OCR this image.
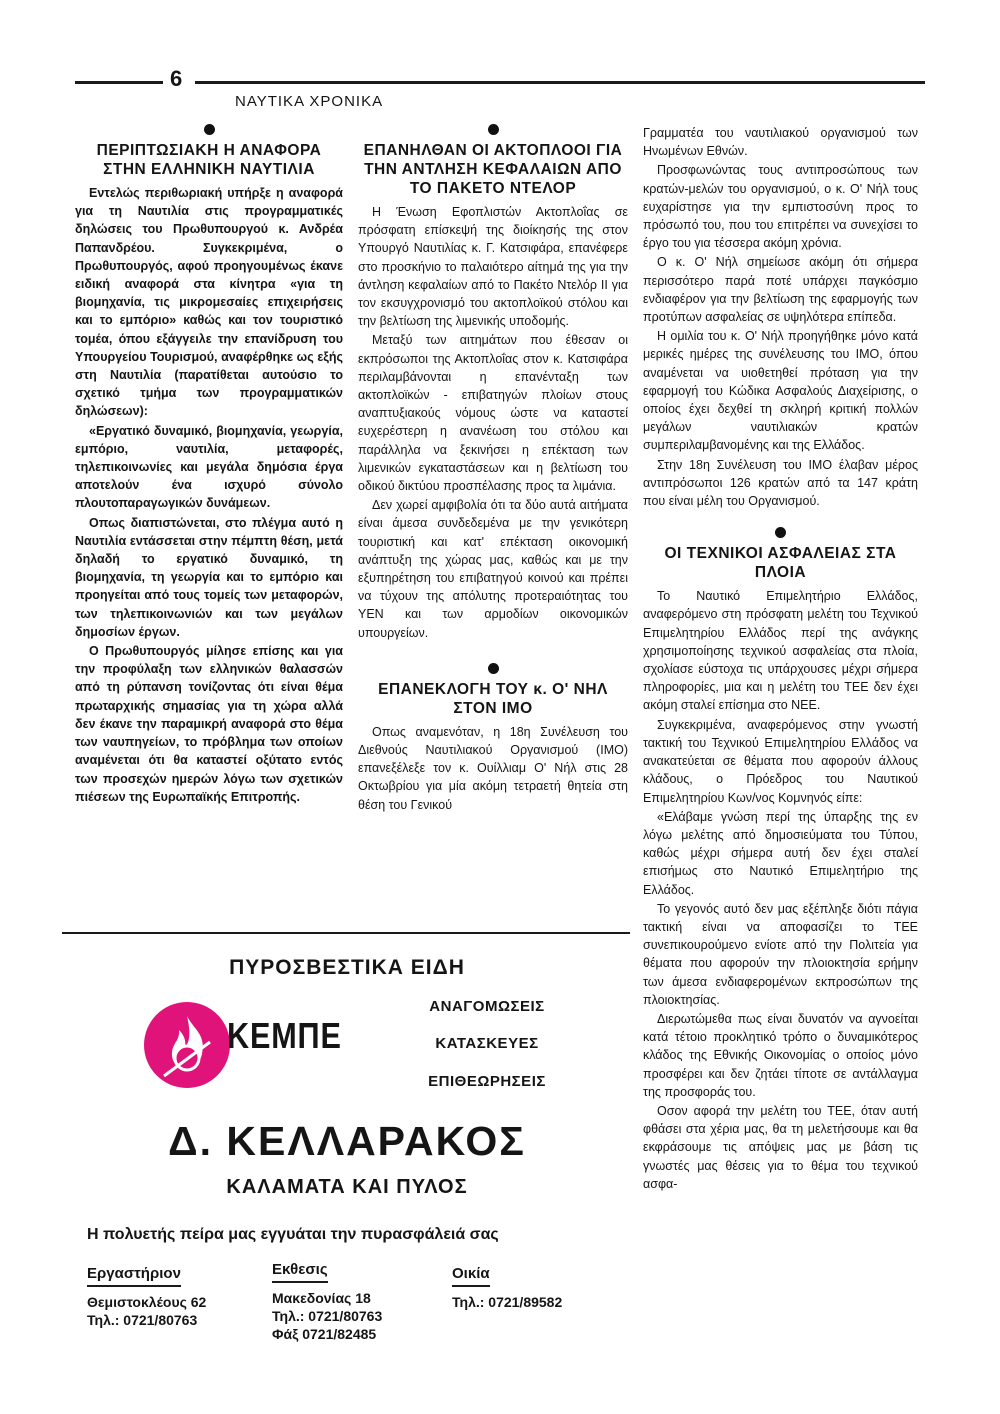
6
ΝΑΥΤΙΚΑ ΧΡΟΝΙΚΑ
ΠΕΡΙΠΤΩΣΙΑΚΗ Η ΑΝΑΦΟΡΑ ΣΤΗΝ ΕΛΛΗΝΙΚΗ ΝΑΥΤΙΛΙΑ

Εντελώς περιθωριακή υπήρξε η αναφορά για τη Ναυτιλία στις προγραμματικές δηλώσεις του Πρωθυπουργού κ. Ανδρέα Παπανδρέου. Συγκεκριμένα, ο Πρωθυπουργός, αφού προηγουμένως έκανε ειδική αναφορά στα κίνητρα «για τη βιομηχανία, τις μικρομεσαίες επιχειρήσεις και το εμπόριο» καθώς και τον τουριστικό τομέα, όπου εξάγγειλε την επανίδρυση του Υπουργείου Τουρισμού, αναφέρθηκε ως εξής στη Ναυτιλία (παρατίθεται αυτούσιο το σχετικό τμήμα των προγραμματικών δηλώσεων):

«Εργατικό δυναμικό, βιομηχανία, γεωργία, εμπόριο, ναυτιλία, μεταφορές, τηλεπικοινωνίες και μεγάλα δημόσια έργα αποτελούν ένα ισχυρό σύνολο πλουτοπαραγωγικών δυνάμεων.

Οπως διαπιστώνεται, στο πλέγμα αυτό η Ναυτιλία εντάσσεται στην πέμπτη θέση, μετά δηλαδή το εργατικό δυναμικό, τη βιομηχανία, τη γεωργία και το εμπόριο και προηγείται από τους τομείς των μεταφορών, των τηλεπικοινωνιών και των μεγάλων δημοσίων έργων.

Ο Πρωθυπουργός μίλησε επίσης και για την προφύλαξη των ελληνικών θαλασσών από τη ρύπανση τονίζοντας ότι είναι θέμα πρωταρχικής σημασίας για τη χώρα αλλά δεν έκανε την παραμικρή αναφορά στο θέμα των ναυπηγείων, το πρόβλημα των οποίων αναμένεται ότι θα καταστεί οξύτατο εντός των προσεχών ημερών λόγω των σχετικών πιέσεων της Ευρωπαϊκής Επιτροπής.

ΕΠΑΝΗΛΘΑΝ ΟΙ ΑΚΤΟΠΛΟΟΙ ΓΙΑ ΤΗΝ ΑΝΤΛΗΣΗ ΚΕΦΑΛΑΙΩΝ ΑΠΟ ΤΟ ΠΑΚΕΤΟ ΝΤΕΛΟΡ

Η Ένωση Εφοπλιστών Ακτοπλοΐας σε πρόσφατη επίσκεψή της διοίκησής της στον Υπουργό Ναυτιλίας κ. Γ. Κατσιφάρα, επανέφερε στο προσκήνιο το παλαιότερο αίτημά της για την άντληση κεφαλαίων από το Πακέτο Ντελόρ ΙΙ για τον εκσυγχρονισμό του ακτοπλοϊκού στόλου και την βελτίωση της λιμενικής υποδομής.

Μεταξύ των αιτημάτων που έθεσαν οι εκπρόσωποι της Ακτοπλοΐας στον κ. Κατσιφάρα περιλαμβάνονται η επανένταξη των ακτοπλοϊκών - επιβατηγών πλοίων στους αναπτυξιακούς νόμους ώστε να καταστεί ευχερέστερη η ανανέωση του στόλου και παράλληλα να ξεκινήσει η επέκταση των λιμενικών εγκαταστάσεων και η βελτίωση του οδικού δικτύου προσπέλασης προς τα λιμάνια.

Δεν χωρεί αμφιβολία ότι τα δύο αυτά αιτήματα είναι άμεσα συνδεδεμένα με την γενικότερη τουριστική και κατ' επέκταση οικονομική ανάπτυξη της χώρας μας, καθώς και με την εξυπηρέτηση του επιβατηγού κοινού και πρέπει να τύχουν της απόλυτης προτεραιότητας του ΥΕΝ και των αρμοδίων οικονομικών υπουργείων.

ΕΠΑΝΕΚΛΟΓΗ ΤΟΥ κ. Ο' ΝΗΛ ΣΤΟΝ ΙΜΟ

Οπως αναμενόταν, η 18η Συνέλευση του Διεθνούς Ναυτιλιακού Οργανισμού (ΙΜΟ) επανεξέλεξε τον κ. Ουίλλιαμ Ο' Νήλ στις 28 Οκτωβρίου για μία ακόμη τετραετή θητεία στη θέση του Γενικού

Γραμματέα του ναυτιλιακού οργανισμού των Ηνωμένων Εθνών.

Προσφωνώντας τους αντιπροσώπους των κρατών-μελών του οργανισμού, ο κ. Ο' Νήλ τους ευχαρίστησε για την εμπιστοσύνη προς το πρόσωπό του, που του επιτρέπει να συνεχίσει το έργο του για τέσσερα ακόμη χρόνια.

Ο κ. Ο' Νήλ σημείωσε ακόμη ότι σήμερα περισσότερο παρά ποτέ υπάρχει παγκόσμιο ενδιαφέρον για την βελτίωση της εφαρμογής των προτύπων ασφαλείας σε υψηλότερα επίπεδα.

Η ομιλία του κ. Ο' Νήλ προηγήθηκε μόνο κατά μερικές ημέρες της συνέλευσης του ΙΜΟ, όπου αναμένεται να υιοθετηθεί πρόταση για την εφαρμογή του Κώδικα Ασφαλούς Διαχείρισης, ο οποίος έχει δεχθεί τη σκληρή κριτική πολλών μεγάλων ναυτιλιακών κρατών συμπεριλαμβανομένης και της Ελλάδος.

Στην 18η Συνέλευση του ΙΜΟ έλαβαν μέρος αντιπρόσωποι 126 κρατών από τα 147 κράτη που είναι μέλη του Οργανισμού.

ΟΙ ΤΕΧΝΙΚΟΙ ΑΣΦΑΛΕΙΑΣ ΣΤΑ ΠΛΟΙΑ

Το Ναυτικό Επιμελητήριο Ελλάδος, αναφερόμενο στη πρόσφατη μελέτη του Τεχνικού Επιμελητηρίου Ελλάδος περί της ανάγκης χρησιμοποίησης τεχνικού ασφαλείας στα πλοία, σχολίασε εύστοχα τις υπάρχουσες μέχρι σήμερα πληροφορίες, μια και η μελέτη του ΤΕΕ δεν έχει ακόμη σταλεί επίσημα στο ΝΕΕ.

Συγκεκριμένα, αναφερόμενος στην γνωστή τακτική του Τεχνικού Επιμελητηρίου Ελλάδος να ανακατεύεται σε θέματα που αφορούν άλλους κλάδους, ο Πρόεδρος του Ναυτικού Επιμελητηρίου Κων/νος Κομνηνός είπε:

«Ελάβαμε γνώση περί της ύπαρξης της εν λόγω μελέτης από δημοσιεύματα του Τύπου, καθώς μέχρι σήμερα αυτή δεν έχει σταλεί επισήμως στο Ναυτικό Επιμελητήριο της Ελλάδος.

Το γεγονός αυτό δεν μας εξέπληξε διότι πάγια τακτική είναι να αποφασίζει το ΤΕΕ συνεπικουρούμενο ενίοτε από την Πολιτεία για θέματα που αφορούν την πλοιοκτησία ερήμην των άμεσα ενδιαφερομένων εκπροσώπων της πλοιοκτησίας.

Διερωτώμεθα πως είναι δυνατόν να αγνοείται κατά τέτοιο προκλητικό τρόπο ο δυναμικότερος κλάδος της Εθνικής Οικονομίας ο οποίος μόνο προσφέρει και δεν ζητάει τίποτε σε αντάλλαγμα της προσφοράς του.

Οσον αφορά την μελέτη του ΤΕΕ, όταν αυτή φθάσει στα χέρια μας, θα τη μελετήσουμε και θα εκφράσουμε τις απόψεις μας με βάση τις γνωστές μας θέσεις για το θέμα του τεχνικού ασφα-

ΠΥΡΟΣΒΕΣΤΙΚΑ ΕΙΔΗ
ΚΕΜΠΕ
ΑΝΑΓΟΜΩΣΕΙΣ
ΚΑΤΑΣΚΕΥΕΣ
ΕΠΙΘΕΩΡΗΣΕΙΣ
Δ. ΚΕΛΛΑΡΑΚΟΣ
ΚΑΛΑΜΑΤΑ ΚΑΙ ΠΥΛΟΣ
Η πολυετής πείρα μας εγγυάται την πυρασφάλειά σας
Εργαστήριον
Θεμιστοκλέους 62
Τηλ.: 0721/80763
Εκθεσις
Μακεδονίας 18
Τηλ.: 0721/80763
Φάξ 0721/82485
Οικία
Τηλ.: 0721/89582
